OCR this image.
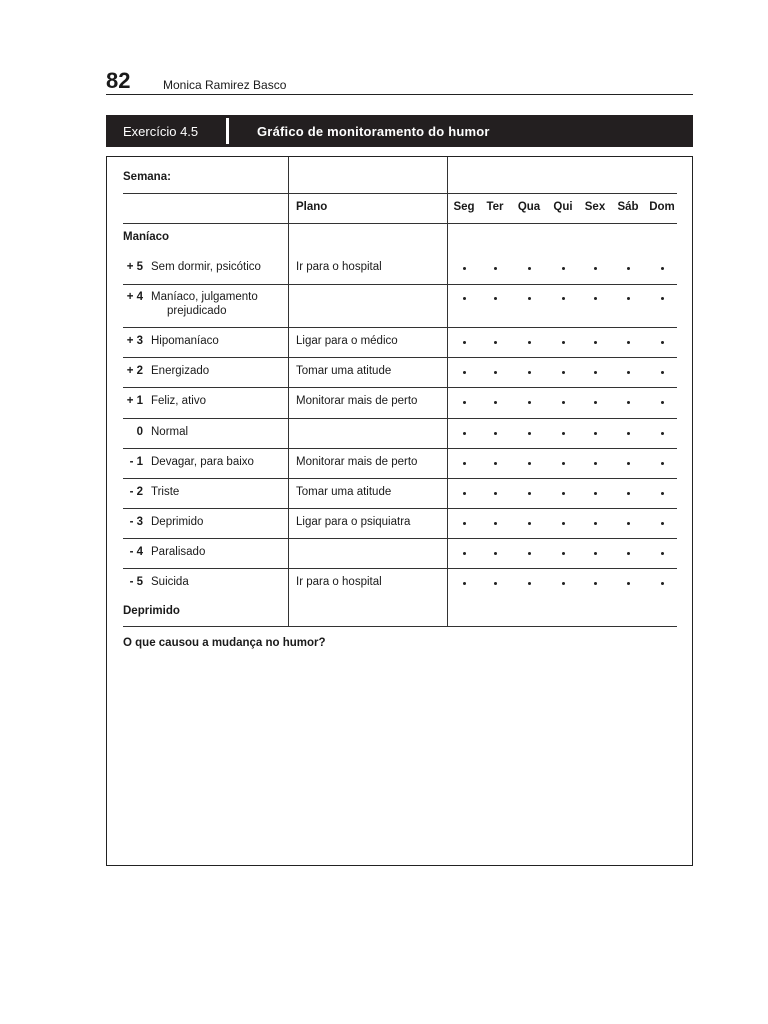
82	Monica Ramirez Basco
Exercício 4.5	Gráfico de monitoramento do humor
Semana:
Plano
Maníaco
Deprimido
O que causou a mudança no humor?
Seg	Ter	Qua	Qui	Sex	Sáb Dom
+ 5 Sem dormir, psicótico	Ir para o hospital
+ 4 Maníaco, julgamento
prejudicado
+ 3 Hipomaníaco	Ligar para o médico
+ 2 Energizado	Tomar uma atitude
+ 1 Feliz, ativo	Monitorar mais de perto
0 Normal
- 1 Devagar, para baixo	Monitorar mais de perto
- 2 Triste	Tomar uma atitude
- 3 Deprimido	Ligar para o psiquiatra
- 4 Paralisado
- 5 Suicida	Ir para o hospital
